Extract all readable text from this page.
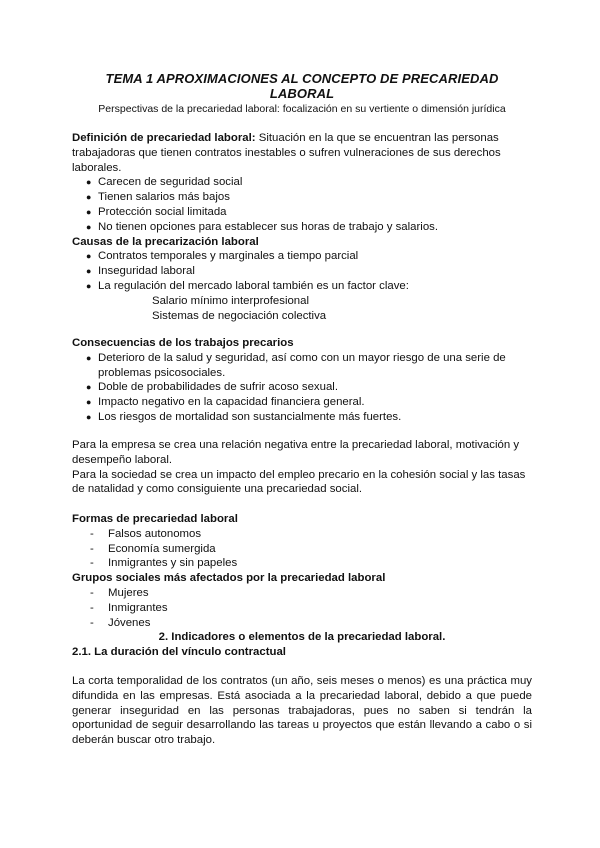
TEMA 1 APROXIMACIONES AL CONCEPTO DE PRECARIEDAD LABORAL
Perspectivas de la precariedad laboral: focalización en su vertiente o dimensión jurídica
Definición de precariedad laboral: Situación en la que se encuentran las personas trabajadoras que tienen contratos inestables o sufren vulneraciones de sus derechos laborales.
● Carecen de seguridad social
● Tienen salarios más bajos
● Protección social limitada
● No tienen opciones para establecer sus horas de trabajo y salarios.
Causas de la precarización laboral
● Contratos temporales y marginales a tiempo parcial
● Inseguridad laboral
● La regulación del mercado laboral también es un factor clave:
Salario mínimo interprofesional
Sistemas de negociación colectiva
Consecuencias de los trabajos precarios
● Deterioro de la salud y seguridad, así como con un mayor riesgo de una serie de problemas psicosociales.
● Doble de probabilidades de sufrir acoso sexual.
● Impacto negativo en la capacidad financiera general.
● Los riesgos de mortalidad son sustancialmente más fuertes.
Para la empresa se crea una relación negativa entre la precariedad laboral, motivación y desempeño laboral.
Para la sociedad se crea un impacto del empleo precario en la cohesión social y las tasas de natalidad y como consiguiente una precariedad social.
Formas de precariedad laboral
- Falsos autonomos
- Economía sumergida
- Inmigrantes y sin papeles
Grupos sociales más afectados por la precariedad laboral
- Mujeres
- Inmigrantes
- Jóvenes
2. Indicadores o elementos de la precariedad laboral.
2.1. La duración del vínculo contractual
La corta temporalidad de los contratos (un año, seis meses o menos) es una práctica muy difundida en las empresas. Está asociada a la precariedad laboral, debido a que puede generar inseguridad en las personas trabajadoras, pues no saben si tendrán la oportunidad de seguir desarrollando las tareas u proyectos que están llevando a cabo o si deberán buscar otro trabajo.
